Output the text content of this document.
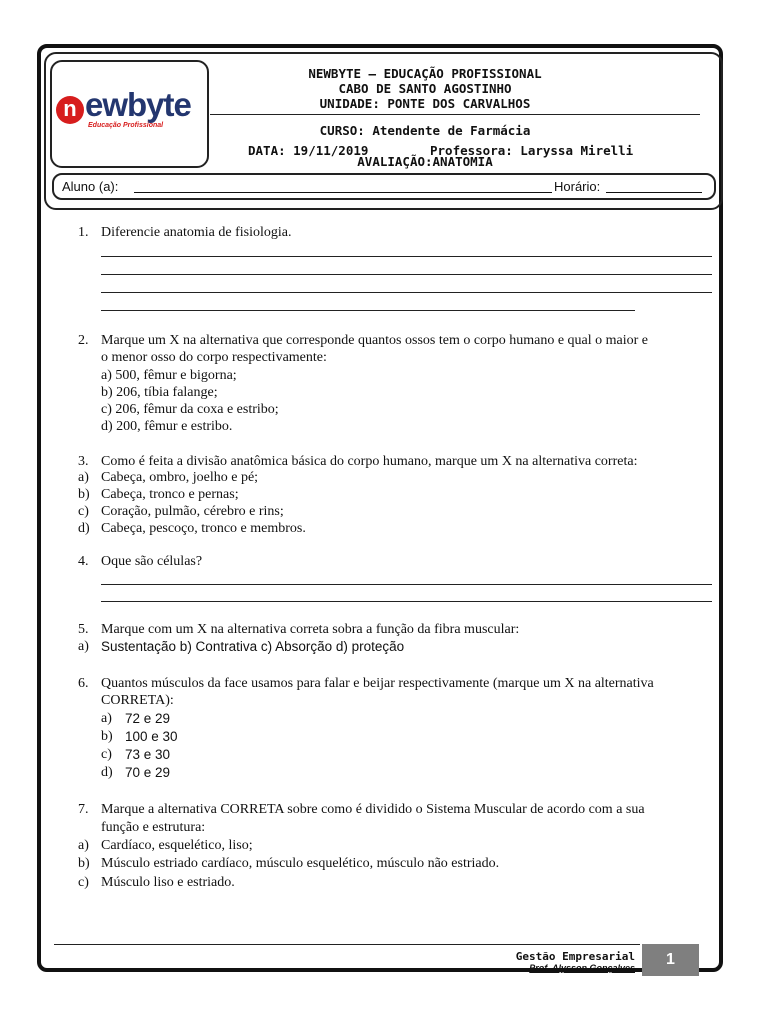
n ewbyte
Educação Profissional
NEWBYTE – EDUCAÇÃO PROFISSIONAL
CABO DE SANTO AGOSTINHO
UNIDADE: PONTE DOS CARVALHOS
CURSO: Atendente de Farmácia
DATA: 19/11/2019	Professora: Laryssa Mirelli
AVALIAÇÃO:ANATOMIA
Aluno (a):	Horário:
1. Diferencie anatomia de fisiologia.
2. Marque um X na alternativa que corresponde quantos ossos tem o corpo humano e qual o maior e
o menor osso do corpo respectivamente:
a) 500, fêmur e bigorna;
b) 206, tíbia falange;
c) 206, fêmur da coxa e estribo;
d) 200, fêmur e estribo.
3. Como é feita a divisão anatômica básica do corpo humano, marque um X na alternativa correta:
a) Cabeça, ombro, joelho e pé;
b) Cabeça, tronco e pernas;
c) Coração, pulmão, cérebro e rins;
d) Cabeça, pescoço, tronco e membros.
4. Oque são células?
5. Marque com um X na alternativa correta sobra a função da fibra muscular:
a) Sustentação b) Contrativa c) Absorção d) proteção
6. Quantos músculos da face usamos para falar e beijar respectivamente (marque um X na alternativa
CORRETA):
a) 72 e 29
b) 100 e 30
c) 73 e 30
d) 70 e 29
7. Marque a alternativa CORRETA sobre como é dividido o Sistema Muscular de acordo com a sua
função e estrutura:
a) Cardíaco, esquelético, liso;
b) Músculo estriado cardíaco, músculo esquelético, músculo não estriado.
c) Músculo liso e estriado.
Gestão Empresarial
Prof. Alysson Gonçalves	1
